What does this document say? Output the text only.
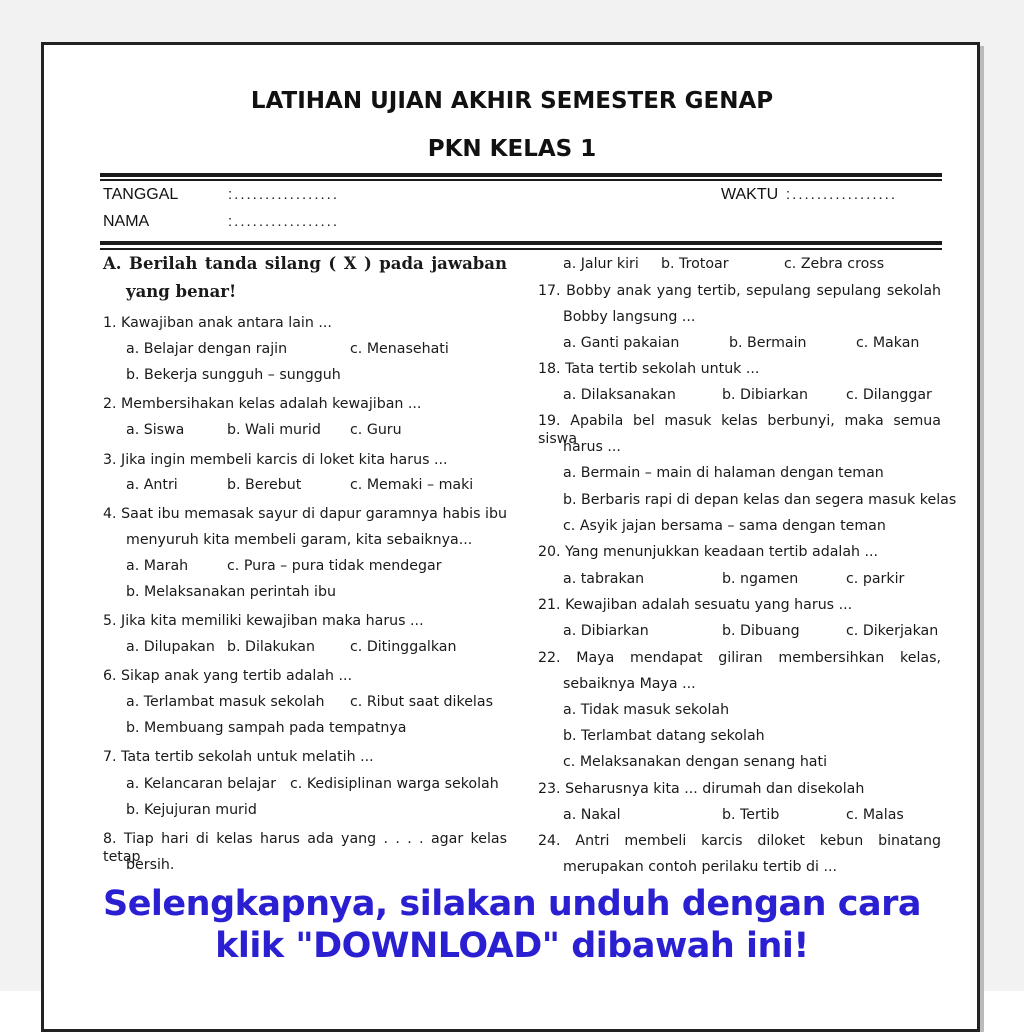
LATIHAN UJIAN AKHIR SEMESTER GENAP
PKN KELAS 1
TANGGAL	:.................	WAKTU :.................
NAMA	:.................
A. Berilah tanda silang ( X ) pada jawaban
yang benar!
1. Kawajiban anak antara lain ...
a. Belajar dengan rajin	c. Menasehati
b. Bekerja sungguh – sungguh
2. Membersihakan kelas adalah kewajiban ...
a. Siswa	b. Wali murid c. Guru
3. Jika ingin membeli karcis di loket kita harus ...
a. Antri	b. Berebut	c. Memaki – maki
4. Saat ibu memasak sayur di dapur garamnya habis ibu
menyuruh kita membeli garam, kita sebaiknya...
a. Marah	c. Pura – pura tidak mendegar
b. Melaksanakan perintah ibu
5. Jika kita memiliki kewajiban maka harus ...
a. Dilupakan b. Dilakukan c. Ditinggalkan
6. Sikap anak yang tertib adalah ...
a. Terlambat masuk sekolah c. Ribut saat dikelas
b. Membuang sampah pada tempatnya
7. Tata tertib sekolah untuk melatih ...
a. Kelancaran belajar c. Kedisiplinan warga sekolah
b. Kejujuran murid
8. Tiap hari di kelas harus ada yang . . . . agar kelas tetap
bersih.
a. Jalur kiri b. Trotoar	c. Zebra cross
17. Bobby anak yang tertib, sepulang sepulang sekolah
Bobby langsung ...
a. Ganti pakaian	b. Bermain	c. Makan
18. Tata tertib sekolah untuk ...
a. Dilaksanakan	b. Dibiarkan	c. Dilanggar
19. Apabila bel masuk kelas berbunyi, maka semua siswa
harus ...
a. Bermain – main di halaman dengan teman
b. Berbaris rapi di depan kelas dan segera masuk kelas
c. Asyik jajan bersama – sama dengan teman
20. Yang menunjukkan keadaan tertib adalah ...
a. tabrakan	b. ngamen	c. parkir
21. Kewajiban adalah sesuatu yang harus ...
a. Dibiarkan	b. Dibuang	c. Dikerjakan
22. Maya mendapat giliran membersihkan kelas,
sebaiknya Maya ...
a. Tidak masuk sekolah
b. Terlambat datang sekolah
c. Melaksanakan dengan senang hati
23. Seharusnya kita ... dirumah dan disekolah
a. Nakal	b. Tertib	c. Malas
24. Antri membeli karcis diloket kebun binatang
merupakan contoh perilaku tertib di ...
Selengkapnya, silakan unduh dengan cara
klik "DOWNLOAD" dibawah ini!
